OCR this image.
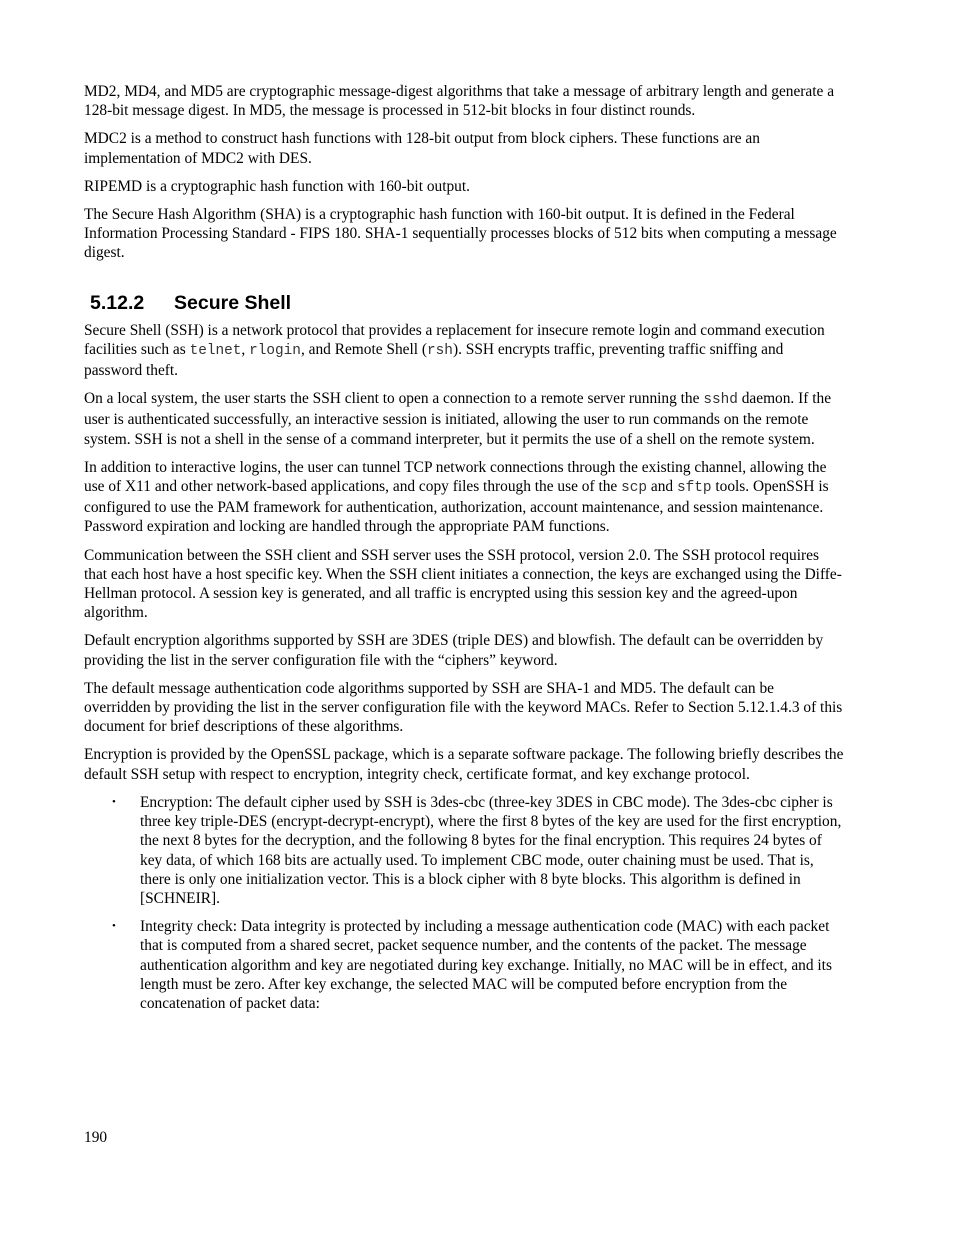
MD2, MD4, and MD5 are cryptographic message-digest algorithms that take a message of arbitrary length and generate a 128-bit message digest. In MD5, the message is processed in 512-bit blocks in four distinct rounds.

MDC2 is a method to construct hash functions with 128-bit output from block ciphers. These functions are an implementation of MDC2 with DES.

RIPEMD is a cryptographic hash function with 160-bit output.

The Secure Hash Algorithm (SHA) is a cryptographic hash function with 160-bit output. It is defined in the Federal Information Processing Standard - FIPS 180. SHA-1 sequentially processes blocks of 512 bits when computing a message digest.

5.12.2 Secure Shell

Secure Shell (SSH) is a network protocol that provides a replacement for insecure remote login and command execution facilities such as telnet, rlogin, and Remote Shell (rsh). SSH encrypts traffic, preventing traffic sniffing and password theft.

On a local system, the user starts the SSH client to open a connection to a remote server running the sshd daemon. If the user is authenticated successfully, an interactive session is initiated, allowing the user to run commands on the remote system. SSH is not a shell in the sense of a command interpreter, but it permits the use of a shell on the remote system.

In addition to interactive logins, the user can tunnel TCP network connections through the existing channel, allowing the use of X11 and other network-based applications, and copy files through the use of the scp and sftp tools. OpenSSH is configured to use the PAM framework for authentication, authorization, account maintenance, and session maintenance. Password expiration and locking are handled through the appropriate PAM functions.

Communication between the SSH client and SSH server uses the SSH protocol, version 2.0. The SSH protocol requires that each host have a host specific key. When the SSH client initiates a connection, the keys are exchanged using the Diffe-Hellman protocol. A session key is generated, and all traffic is encrypted using this session key and the agreed-upon algorithm.

Default encryption algorithms supported by SSH are 3DES (triple DES) and blowfish. The default can be overridden by providing the list in the server configuration file with the “ciphers” keyword.

The default message authentication code algorithms supported by SSH are SHA-1 and MD5. The default can be overridden by providing the list in the server configuration file with the keyword MACs. Refer to Section 5.12.1.4.3 of this document for brief descriptions of these algorithms.

Encryption is provided by the OpenSSL package, which is a separate software package. The following briefly describes the default SSH setup with respect to encryption, integrity check, certificate format, and key exchange protocol.

• Encryption: The default cipher used by SSH is 3des-cbc (three-key 3DES in CBC mode). The 3des-cbc cipher is three key triple-DES (encrypt-decrypt-encrypt), where the first 8 bytes of the key are used for the first encryption, the next 8 bytes for the decryption, and the following 8 bytes for the final encryption. This requires 24 bytes of key data, of which 168 bits are actually used. To implement CBC mode, outer chaining must be used. That is, there is only one initialization vector. This is a block cipher with 8 byte blocks. This algorithm is defined in [SCHNEIR].
• Integrity check: Data integrity is protected by including a message authentication code (MAC) with each packet that is computed from a shared secret, packet sequence number, and the contents of the packet. The message authentication algorithm and key are negotiated during key exchange. Initially, no MAC will be in effect, and its length must be zero. After key exchange, the selected MAC will be computed before encryption from the concatenation of packet data:
190
